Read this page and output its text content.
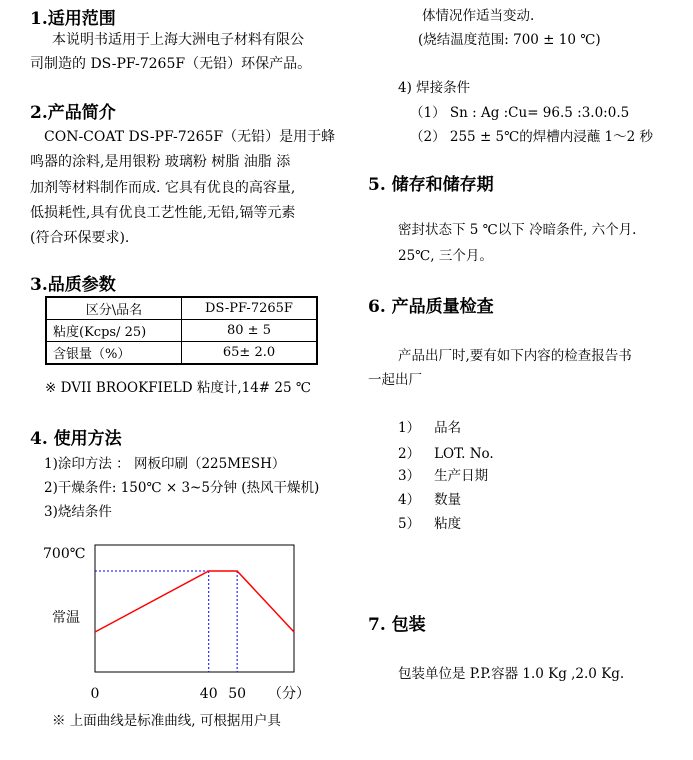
1.适用范围
本说明书适用于上海大洲电子材料有限公
司制造的 DS-PF-7265F（无铅）环保产品。
2.产品简介
CON-COAT DS-PF-7265F（无铅）是用于蜂
鸣器的涂料,是用银粉 玻璃粉 树脂 油脂 添
加剂等材料制作而成. 它具有优良的高容量,
低损耗性,具有优良工艺性能,无铅,镉等元素
(符合环保要求).
3.品质参数
区分\品名	DS-PF-7265F
粘度(Kcps/ 25)	80 ± 5
含银量（%）	65± 2.0
※ DVII BROOKFIELD 粘度计,14# 25 ℃
4. 使用方法
1)涂印方法 ： 网板印刷（225MESH）
2)干燥条件: 150℃ × 3~5分钟 (热风干燥机)
3)烧结条件
700℃
常温
0	40 50 （分）
※ 上面曲线是标准曲线, 可根据用户具
体情况作适当变动.
(烧结温度范围: 700 ± 10 ℃)
4) 焊接条件
（1） Sn : Ag :Cu= 96.5 :3.0:0.5
（2） 255 ± 5℃的焊槽内浸蘸 1～2 秒
5. 储存和储存期
密封状态下 5 ℃以下 冷暗条件, 六个月.
25℃, 三个月。
6. 产品质量检查
产品出厂时,要有如下内容的检查报告书
一起出厂
1） 品名
2） LOT. No.
3） 生产日期
4） 数量
5） 粘度
7. 包装
包装单位是 P.P.容器 1.0 Kg ,2.0 Kg.
